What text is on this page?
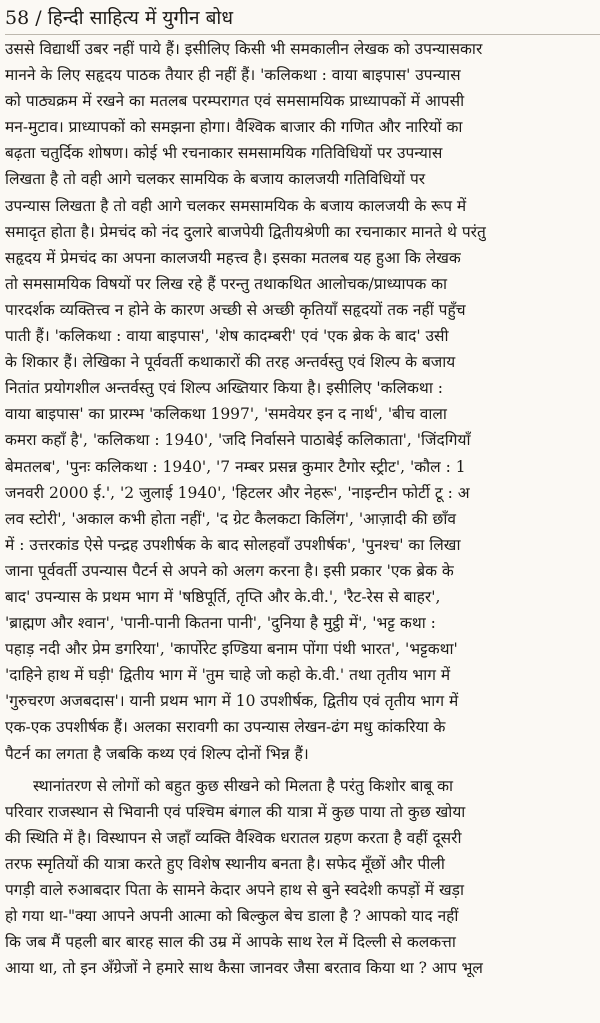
58 / हिन्दी साहित्य में युगीन बोध

उससे विद्यार्थी उबर नहीं पाये हैं। इसीलिए किसी भी समकालीन लेखक को उपन्यासकार
मानने के लिए सहृदय पाठक तैयार ही नहीं हैं। 'कलिकथा : वाया बाइपास' उपन्यास
को पाठ्यक्रम में रखने का मतलब परम्परागत एवं समसामयिक प्राध्यापकों में आपसी
मन-मुटाव। प्राध्यापकों को समझना होगा। वैश्विक बाजार की गणित और नारियों का
बढ़ता चतुर्दिक शोषण। कोई भी रचनाकार समसामयिक गतिविधियों पर उपन्यास
लिखता है तो वही आगे चलकर सामयिक के बजाय कालजयी गतिविधियों पर
उपन्यास लिखता है तो वही आगे चलकर समसामयिक के बजाय कालजयी के रूप में
समादृत होता है। प्रेमचंद को नंद दुलारे बाजपेयी द्वितीयश्रेणी का रचनाकार मानते थे परंतु
सहृदय में प्रेमचंद का अपना कालजयी महत्त्व है। इसका मतलब यह हुआ कि लेखक
तो समसामयिक विषयों पर लिख रहे हैं परन्तु तथाकथित आलोचक/प्राध्यापक का
पारदर्शक व्यक्तित्त्व न होने के कारण अच्छी से अच्छी कृतियाँ सहृदयों तक नहीं पहुँच
पाती हैं। 'कलिकथा : वाया बाइपास', 'शेष कादम्बरी' एवं 'एक ब्रेक के बाद' उसी
के शिकार हैं। लेखिका ने पूर्ववर्ती कथाकारों की तरह अन्तर्वस्तु एवं शिल्प के बजाय
नितांत प्रयोगशील अन्तर्वस्तु एवं शिल्प अख्तियार किया है। इसीलिए 'कलिकथा :
वाया बाइपास' का प्रारम्भ 'कलिकथा 1997', 'समवेयर इन द नार्थ', 'बीच वाला
कमरा कहाँ है', 'कलिकथा : 1940', 'जदि निर्वासने पाठाबेई कलिकाता', 'जिंदगियाँ
बेमतलब', 'पुनः कलिकथा : 1940', '7 नम्बर प्रसन्न कुमार टैगोर स्ट्रीट', 'कौल : 1
जनवरी 2000 ई.', '2 जुलाई 1940', 'हिटलर और नेहरू', 'नाइन्टीन फोर्टी टू : अ
लव स्टोरी', 'अकाल कभी होता नहीं', 'द ग्रेट कैलकटा किलिंग', 'आज़ादी की छाँव
में : उत्तरकांड ऐसे पन्द्रह उपशीर्षक के बाद सोलहवाँ उपशीर्षक', 'पुनश्च' का लिखा
जाना पूर्ववर्ती उपन्यास पैटर्न से अपने को अलग करना है। इसी प्रकार 'एक ब्रेक के
बाद' उपन्यास के प्रथम भाग में 'षष्ठिपूर्ति, तृप्ति और के.वी.', 'रैट-रेस से बाहर',
'ब्राह्मण और श्वान', 'पानी-पानी कितना पानी', 'दुनिया है मुट्ठी में', 'भट्ट कथा :
पहाड़ नदी और प्रेम डगरिया', 'कार्पोरेट इण्डिया बनाम पोंगा पंथी भारत', 'भट्टकथा'
'दाहिने हाथ में घड़ी' द्वितीय भाग में 'तुम चाहे जो कहो के.वी.' तथा तृतीय भाग में
'गुरुचरण अजबदास'। यानी प्रथम भाग में 10 उपशीर्षक, द्वितीय एवं तृतीय भाग में
एक-एक उपशीर्षक हैं। अलका सरावगी का उपन्यास लेखन-ढंग मधु कांकरिया के
पैटर्न का लगता है जबकि कथ्य एवं शिल्प दोनों भिन्न हैं।

स्थानांतरण से लोगों को बहुत कुछ सीखने को मिलता है परंतु किशोर बाबू का
परिवार राजस्थान से भिवानी एवं पश्चिम बंगाल की यात्रा में कुछ पाया तो कुछ खोया
की स्थिति में है। विस्थापन से जहाँ व्यक्ति वैश्विक धरातल ग्रहण करता है वहीं दूसरी
तरफ स्मृतियों की यात्रा करते हुए विशेष स्थानीय बनता है। सफेद मूँछों और पीली
पगड़ी वाले रुआबदार पिता के सामने केदार अपने हाथ से बुने स्वदेशी कपड़ों में खड़ा
हो गया था-"क्या आपने अपनी आत्मा को बिल्कुल बेच डाला है ? आपको याद नहीं
कि जब मैं पहली बार बारह साल की उम्र में आपके साथ रेल में दिल्ली से कलकत्ता
आया था, तो इन अँग्रेजों ने हमारे साथ कैसा जानवर जैसा बरताव किया था ? आप भूल
